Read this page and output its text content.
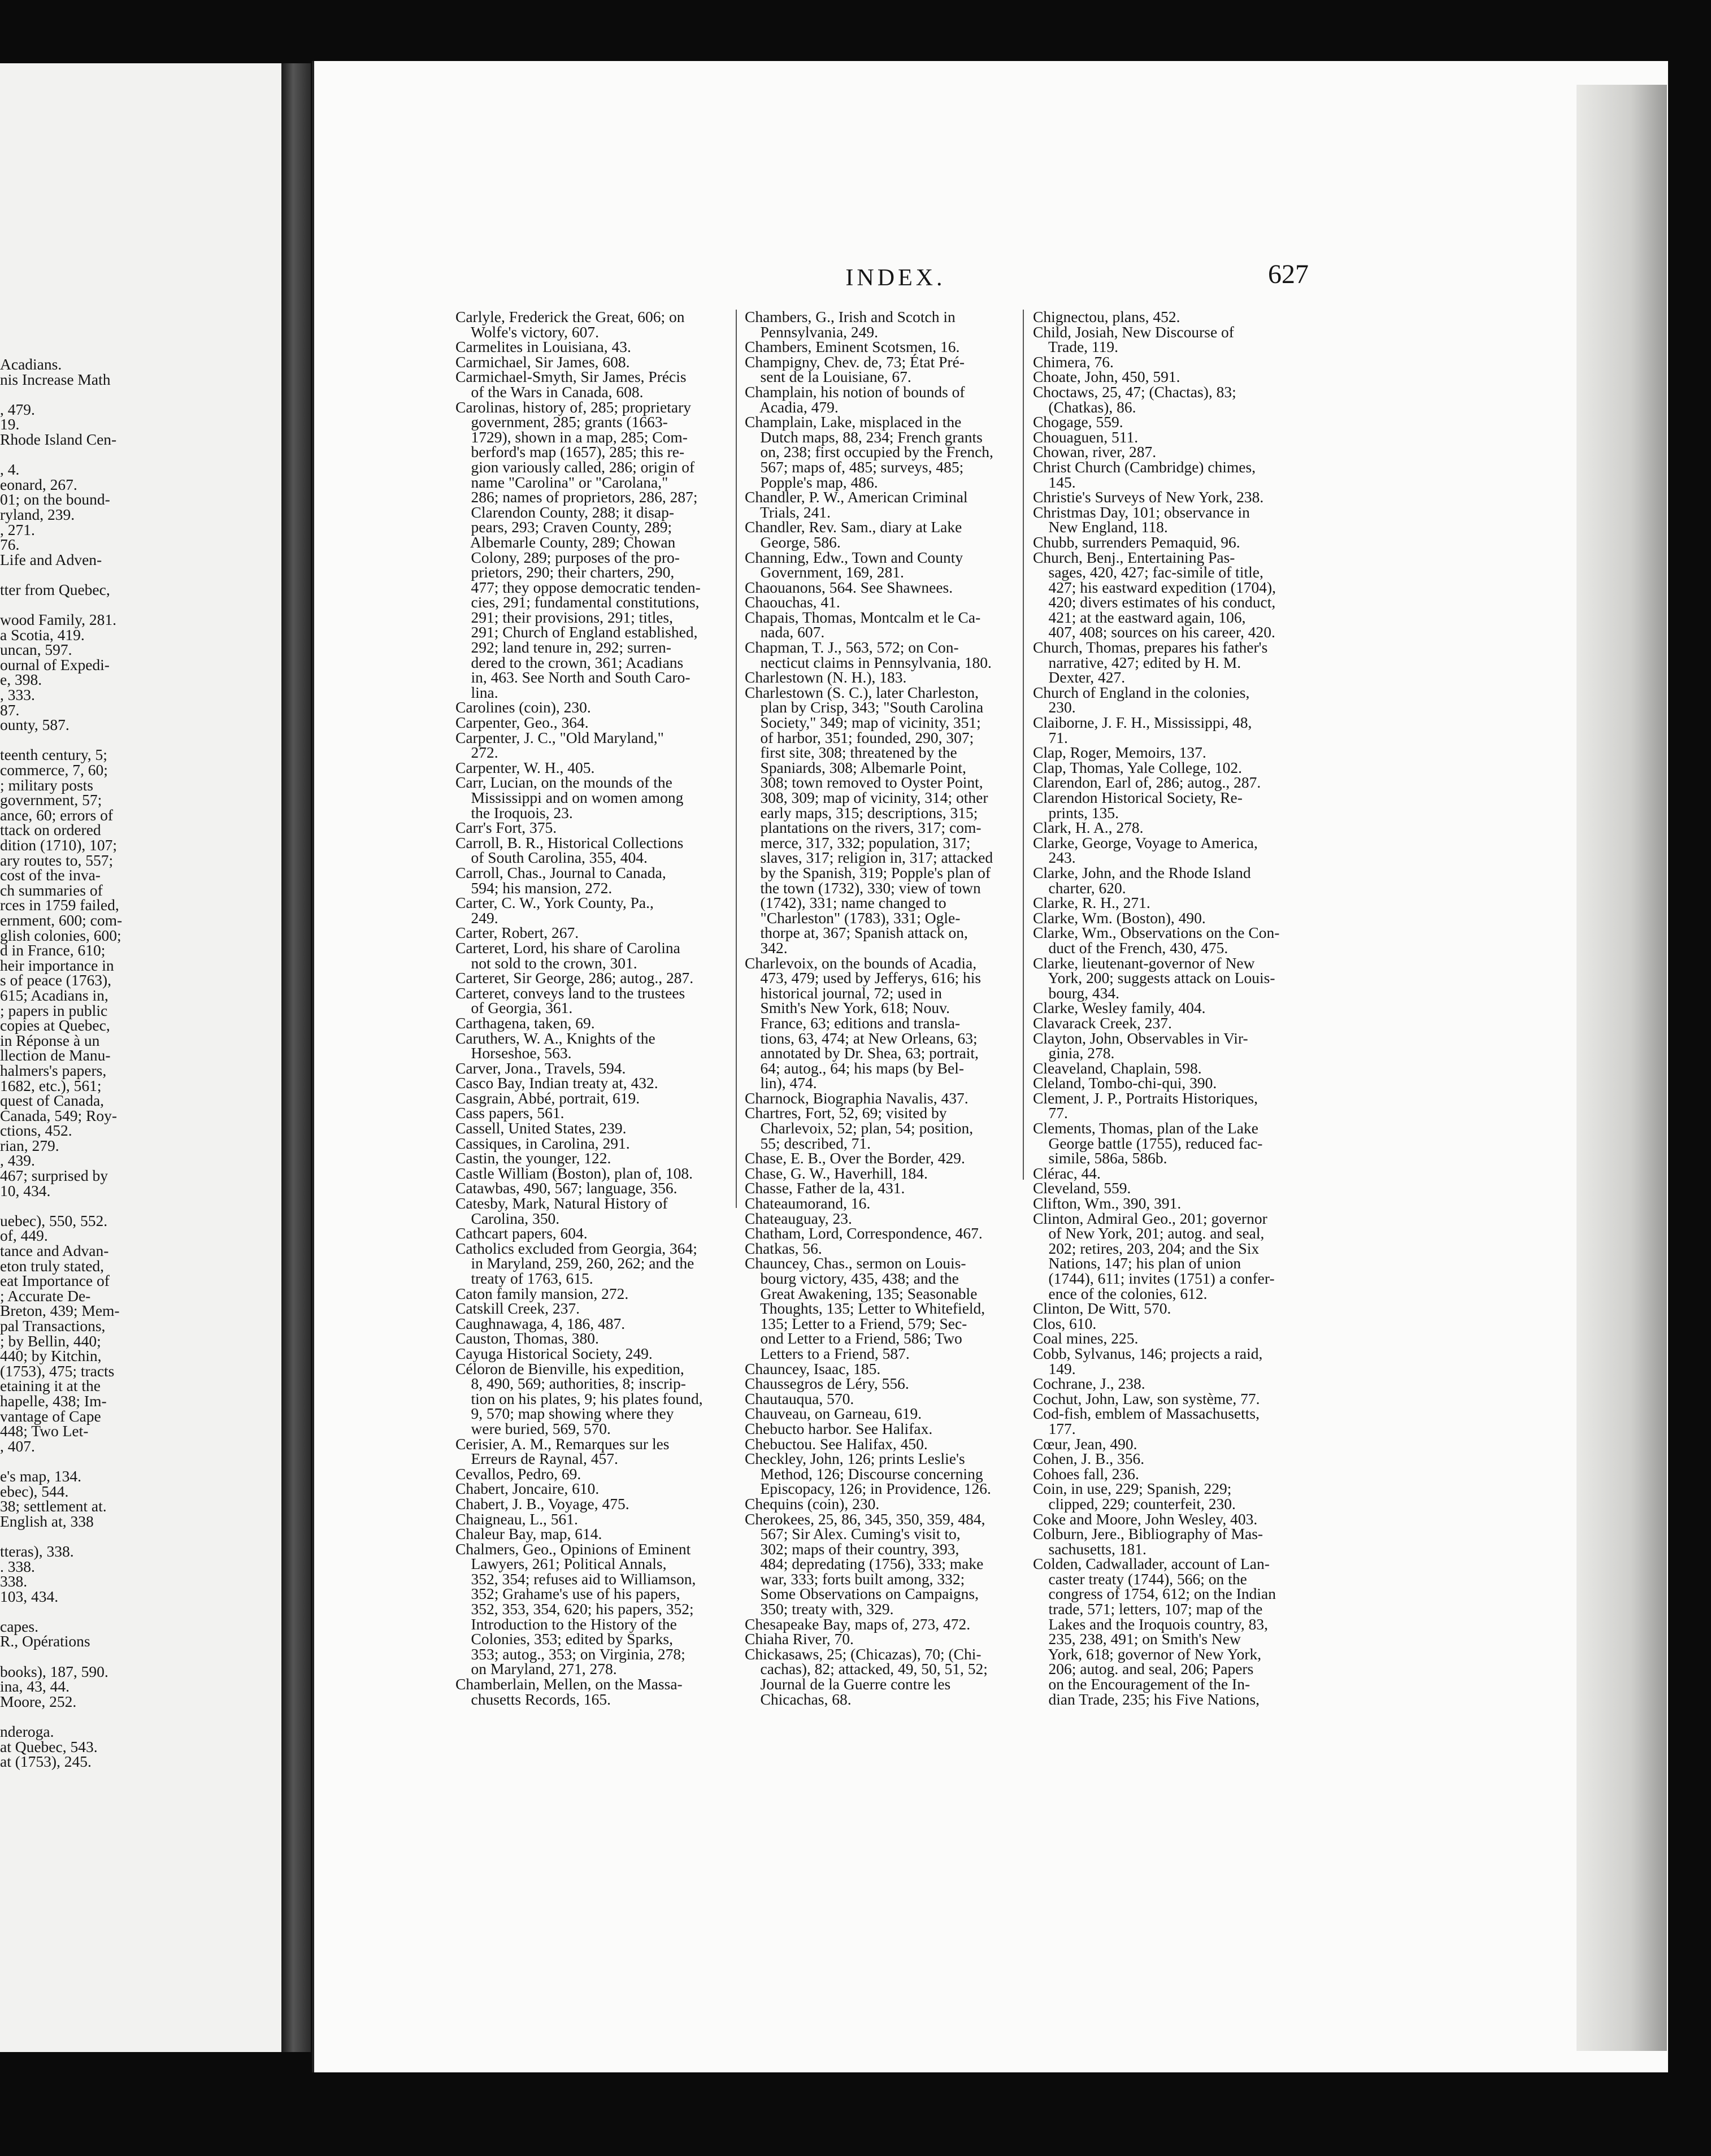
Acadians.
nis Increase Math

, 479.
19.
Rhode Island Cen-

, 4.
eonard, 267.
01; on the bound-
ryland, 239.
, 271.
76.
Life and Adven-

tter from Quebec,

wood Family, 281.
a Scotia, 419.
uncan, 597.
ournal of Expedi-
e, 398.
, 333.
87.
ounty, 587.

teenth century, 5;
commerce, 7, 60;
; military posts
government, 57;
ance, 60; errors of
ttack on ordered
dition (1710), 107;
ary routes to, 557;
cost of the inva-
ch summaries of
rces in 1759 failed,
ernment, 600; com-
glish colonies, 600;
d in France, 610;
heir importance in
s of peace (1763),
615; Acadians in,
; papers in public
copies at Quebec,
in Réponse à un
llection de Manu-
halmers's papers,
1682, etc.), 561;
quest of Canada,
Canada, 549; Roy-
ctions, 452.
rian, 279.
, 439.
467; surprised by
10, 434.

uebec), 550, 552.
of, 449.
tance and Advan-
eton truly stated,
eat Importance of
; Accurate De-
Breton, 439; Mem-
pal Transactions,
; by Bellin, 440;
440; by Kitchin,
(1753), 475; tracts
etaining it at the
hapelle, 438; Im-
vantage of Cape
448; Two Let-
, 407.

e's map, 134.
ebec), 544.
38; settlement at.
English at, 338

tteras), 338.
. 338.
338.
103, 434.

capes.
R., Opérations

books), 187, 590.
ina, 43, 44.
Moore, 252.

nderoga.
at Quebec, 543.
at (1753), 245.
INDEX.	627
Carlyle, Frederick the Great, 606; on
Wolfe's victory, 607.
Carmelites in Louisiana, 43.
Carmichael, Sir James, 608.
Carmichael-Smyth, Sir James, Précis
of the Wars in Canada, 608.
Carolinas, history of, 285; proprietary
government, 285; grants (1663-
1729), shown in a map, 285; Com-
berford's map (1657), 285; this re-
gion variously called, 286; origin of
name "Carolina" or "Carolana,"
286; names of proprietors, 286, 287;
Clarendon County, 288; it disap-
pears, 293; Craven County, 289;
Albemarle County, 289; Chowan
Colony, 289; purposes of the pro-
prietors, 290; their charters, 290,
477; they oppose democratic tenden-
cies, 291; fundamental constitutions,
291; their provisions, 291; titles,
291; Church of England established,
292; land tenure in, 292; surren-
dered to the crown, 361; Acadians
in, 463. See North and South Caro-
lina.
Carolines (coin), 230.
Carpenter, Geo., 364.
Carpenter, J. C., "Old Maryland,"
272.
Carpenter, W. H., 405.
Carr, Lucian, on the mounds of the
Mississippi and on women among
the Iroquois, 23.
Carr's Fort, 375.
Carroll, B. R., Historical Collections
of South Carolina, 355, 404.
Carroll, Chas., Journal to Canada,
594; his mansion, 272.
Carter, C. W., York County, Pa.,
249.
Carter, Robert, 267.
Carteret, Lord, his share of Carolina
not sold to the crown, 301.
Carteret, Sir George, 286; autog., 287.
Carteret, conveys land to the trustees
of Georgia, 361.
Carthagena, taken, 69.
Caruthers, W. A., Knights of the
Horseshoe, 563.
Carver, Jona., Travels, 594.
Casco Bay, Indian treaty at, 432.
Casgrain, Abbé, portrait, 619.
Cass papers, 561.
Cassell, United States, 239.
Cassiques, in Carolina, 291.
Castin, the younger, 122.
Castle William (Boston), plan of, 108.
Catawbas, 490, 567; language, 356.
Catesby, Mark, Natural History of
Carolina, 350.
Cathcart papers, 604.
Catholics excluded from Georgia, 364;
in Maryland, 259, 260, 262; and the
treaty of 1763, 615.
Caton family mansion, 272.
Catskill Creek, 237.
Caughnawaga, 4, 186, 487.
Causton, Thomas, 380.
Cayuga Historical Society, 249.
Céloron de Bienville, his expedition,
8, 490, 569; authorities, 8; inscrip-
tion on his plates, 9; his plates found,
9, 570; map showing where they
were buried, 569, 570.
Cerisier, A. M., Remarques sur les
Erreurs de Raynal, 457.
Cevallos, Pedro, 69.
Chabert, Joncaire, 610.
Chabert, J. B., Voyage, 475.
Chaigneau, L., 561.
Chaleur Bay, map, 614.
Chalmers, Geo., Opinions of Eminent
Lawyers, 261; Political Annals,
352, 354; refuses aid to Williamson,
352; Grahame's use of his papers,
352, 353, 354, 620; his papers, 352;
Introduction to the History of the
Colonies, 353; edited by Sparks,
353; autog., 353; on Virginia, 278;
on Maryland, 271, 278.
Chamberlain, Mellen, on the Massa-
chusetts Records, 165.
Chambers, G., Irish and Scotch in
Pennsylvania, 249.
Chambers, Eminent Scotsmen, 16.
Champigny, Chev. de, 73; État Pré-
sent de la Louisiane, 67.
Champlain, his notion of bounds of
Acadia, 479.
Champlain, Lake, misplaced in the
Dutch maps, 88, 234; French grants
on, 238; first occupied by the French,
567; maps of, 485; surveys, 485;
Popple's map, 486.
Chandler, P. W., American Criminal
Trials, 241.
Chandler, Rev. Sam., diary at Lake
George, 586.
Channing, Edw., Town and County
Government, 169, 281.
Chaouanons, 564. See Shawnees.
Chaouchas, 41.
Chapais, Thomas, Montcalm et le Ca-
nada, 607.
Chapman, T. J., 563, 572; on Con-
necticut claims in Pennsylvania, 180.
Charlestown (N. H.), 183.
Charlestown (S. C.), later Charleston,
plan by Crisp, 343; "South Carolina
Society," 349; map of vicinity, 351;
of harbor, 351; founded, 290, 307;
first site, 308; threatened by the
Spaniards, 308; Albemarle Point,
308; town removed to Oyster Point,
308, 309; map of vicinity, 314; other
early maps, 315; descriptions, 315;
plantations on the rivers, 317; com-
merce, 317, 332; population, 317;
slaves, 317; religion in, 317; attacked
by the Spanish, 319; Popple's plan of
the town (1732), 330; view of town
(1742), 331; name changed to
"Charleston" (1783), 331; Ogle-
thorpe at, 367; Spanish attack on,
342.
Charlevoix, on the bounds of Acadia,
473, 479; used by Jefferys, 616; his
historical journal, 72; used in
Smith's New York, 618; Nouv.
France, 63; editions and transla-
tions, 63, 474; at New Orleans, 63;
annotated by Dr. Shea, 63; portrait,
64; autog., 64; his maps (by Bel-
lin), 474.
Charnock, Biographia Navalis, 437.
Chartres, Fort, 52, 69; visited by
Charlevoix, 52; plan, 54; position,
55; described, 71.
Chase, E. B., Over the Border, 429.
Chase, G. W., Haverhill, 184.
Chasse, Father de la, 431.
Chateaumorand, 16.
Chateauguay, 23.
Chatham, Lord, Correspondence, 467.
Chatkas, 56.
Chauncey, Chas., sermon on Louis-
bourg victory, 435, 438; and the
Great Awakening, 135; Seasonable
Thoughts, 135; Letter to Whitefield,
135; Letter to a Friend, 579; Sec-
ond Letter to a Friend, 586; Two
Letters to a Friend, 587.
Chauncey, Isaac, 185.
Chaussegros de Léry, 556.
Chautauqua, 570.
Chauveau, on Garneau, 619.
Chebucto harbor. See Halifax.
Chebuctou. See Halifax, 450.
Checkley, John, 126; prints Leslie's
Method, 126; Discourse concerning
Episcopacy, 126; in Providence, 126.
Chequins (coin), 230.
Cherokees, 25, 86, 345, 350, 359, 484,
567; Sir Alex. Cuming's visit to,
302; maps of their country, 393,
484; depredating (1756), 333; make
war, 333; forts built among, 332;
Some Observations on Campaigns,
350; treaty with, 329.
Chesapeake Bay, maps of, 273, 472.
Chiaha River, 70.
Chickasaws, 25; (Chicazas), 70; (Chi-
cachas), 82; attacked, 49, 50, 51, 52;
Journal de la Guerre contre les
Chicachas, 68.
Chignectou, plans, 452.
Child, Josiah, New Discourse of
Trade, 119.
Chimera, 76.
Choate, John, 450, 591.
Choctaws, 25, 47; (Chactas), 83;
(Chatkas), 86.
Chogage, 559.
Chouaguen, 511.
Chowan, river, 287.
Christ Church (Cambridge) chimes,
145.
Christie's Surveys of New York, 238.
Christmas Day, 101; observance in
New England, 118.
Chubb, surrenders Pemaquid, 96.
Church, Benj., Entertaining Pas-
sages, 420, 427; fac-simile of title,
427; his eastward expedition (1704),
420; divers estimates of his conduct,
421; at the eastward again, 106,
407, 408; sources on his career, 420.
Church, Thomas, prepares his father's
narrative, 427; edited by H. M.
Dexter, 427.
Church of England in the colonies,
230.
Claiborne, J. F. H., Mississippi, 48,
71.
Clap, Roger, Memoirs, 137.
Clap, Thomas, Yale College, 102.
Clarendon, Earl of, 286; autog., 287.
Clarendon Historical Society, Re-
prints, 135.
Clark, H. A., 278.
Clarke, George, Voyage to America,
243.
Clarke, John, and the Rhode Island
charter, 620.
Clarke, R. H., 271.
Clarke, Wm. (Boston), 490.
Clarke, Wm., Observations on the Con-
duct of the French, 430, 475.
Clarke, lieutenant-governor of New
York, 200; suggests attack on Louis-
bourg, 434.
Clarke, Wesley family, 404.
Clavarack Creek, 237.
Clayton, John, Observables in Vir-
ginia, 278.
Cleaveland, Chaplain, 598.
Cleland, Tombo-chi-qui, 390.
Clement, J. P., Portraits Historiques,
77.
Clements, Thomas, plan of the Lake
George battle (1755), reduced fac-
simile, 586a, 586b.
Clérac, 44.
Cleveland, 559.
Clifton, Wm., 390, 391.
Clinton, Admiral Geo., 201; governor
of New York, 201; autog. and seal,
202; retires, 203, 204; and the Six
Nations, 147; his plan of union
(1744), 611; invites (1751) a confer-
ence of the colonies, 612.
Clinton, De Witt, 570.
Clos, 610.
Coal mines, 225.
Cobb, Sylvanus, 146; projects a raid,
149.
Cochrane, J., 238.
Cochut, John, Law, son système, 77.
Cod-fish, emblem of Massachusetts,
177.
Cœur, Jean, 490.
Cohen, J. B., 356.
Cohoes fall, 236.
Coin, in use, 229; Spanish, 229;
clipped, 229; counterfeit, 230.
Coke and Moore, John Wesley, 403.
Colburn, Jere., Bibliography of Mas-
sachusetts, 181.
Colden, Cadwallader, account of Lan-
caster treaty (1744), 566; on the
congress of 1754, 612; on the Indian
trade, 571; letters, 107; map of the
Lakes and the Iroquois country, 83,
235, 238, 491; on Smith's New
York, 618; governor of New York,
206; autog. and seal, 206; Papers
on the Encouragement of the In-
dian Trade, 235; his Five Nations,
